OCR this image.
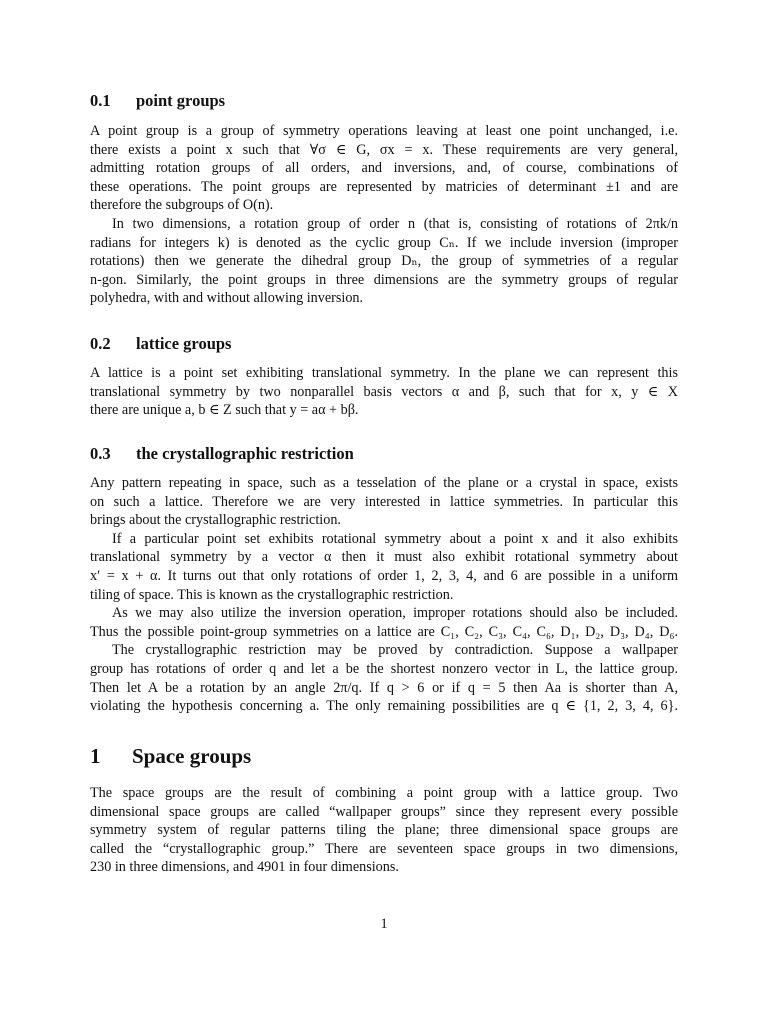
0.1 point groups
A point group is a group of symmetry operations leaving at least one point unchanged, i.e.
there exists a point x such that ∀σ ∈ G, σx = x. These requirements are very general,
admitting rotation groups of all orders, and inversions, and, of course, combinations of
these operations. The point groups are represented by matricies of determinant ±1 and are
therefore the subgroups of O(n).
In two dimensions, a rotation group of order n (that is, consisting of rotations of 2πk/n
radians for integers k) is denoted as the cyclic group Cₙ. If we include inversion (improper
rotations) then we generate the dihedral group Dₙ, the group of symmetries of a regular
n-gon. Similarly, the point groups in three dimensions are the symmetry groups of regular
polyhedra, with and without allowing inversion.
0.2 lattice groups
A lattice is a point set exhibiting translational symmetry. In the plane we can represent this
translational symmetry by two nonparallel basis vectors α and β, such that for x, y ∈ X
there are unique a, b ∈ Z such that y = aα + bβ.
0.3 the crystallographic restriction
Any pattern repeating in space, such as a tesselation of the plane or a crystal in space, exists
on such a lattice. Therefore we are very interested in lattice symmetries. In particular this
brings about the crystallographic restriction.
If a particular point set exhibits rotational symmetry about a point x and it also exhibits
translational symmetry by a vector α then it must also exhibit rotational symmetry about
x′ = x + α. It turns out that only rotations of order 1, 2, 3, 4, and 6 are possible in a uniform
tiling of space. This is known as the crystallographic restriction.
As we may also utilize the inversion operation, improper rotations should also be included.
Thus the possible point-group symmetries on a lattice are C₁, C₂, C₃, C₄, C₆, D₁, D₂, D₃, D₄, D₆.
The crystallographic restriction may be proved by contradiction. Suppose a wallpaper
group has rotations of order q and let a be the shortest nonzero vector in L, the lattice group.
Then let A be a rotation by an angle 2π/q. If q > 6 or if q = 5 then Aa is shorter than A,
violating the hypothesis concerning a. The only remaining possibilities are q ∈ {1, 2, 3, 4, 6}.
1 Space groups
The space groups are the result of combining a point group with a lattice group. Two
dimensional space groups are called “wallpaper groups” since they represent every possible
symmetry system of regular patterns tiling the plane; three dimensional space groups are
called the “crystallographic group.” There are seventeen space groups in two dimensions,
230 in three dimensions, and 4901 in four dimensions.
1
